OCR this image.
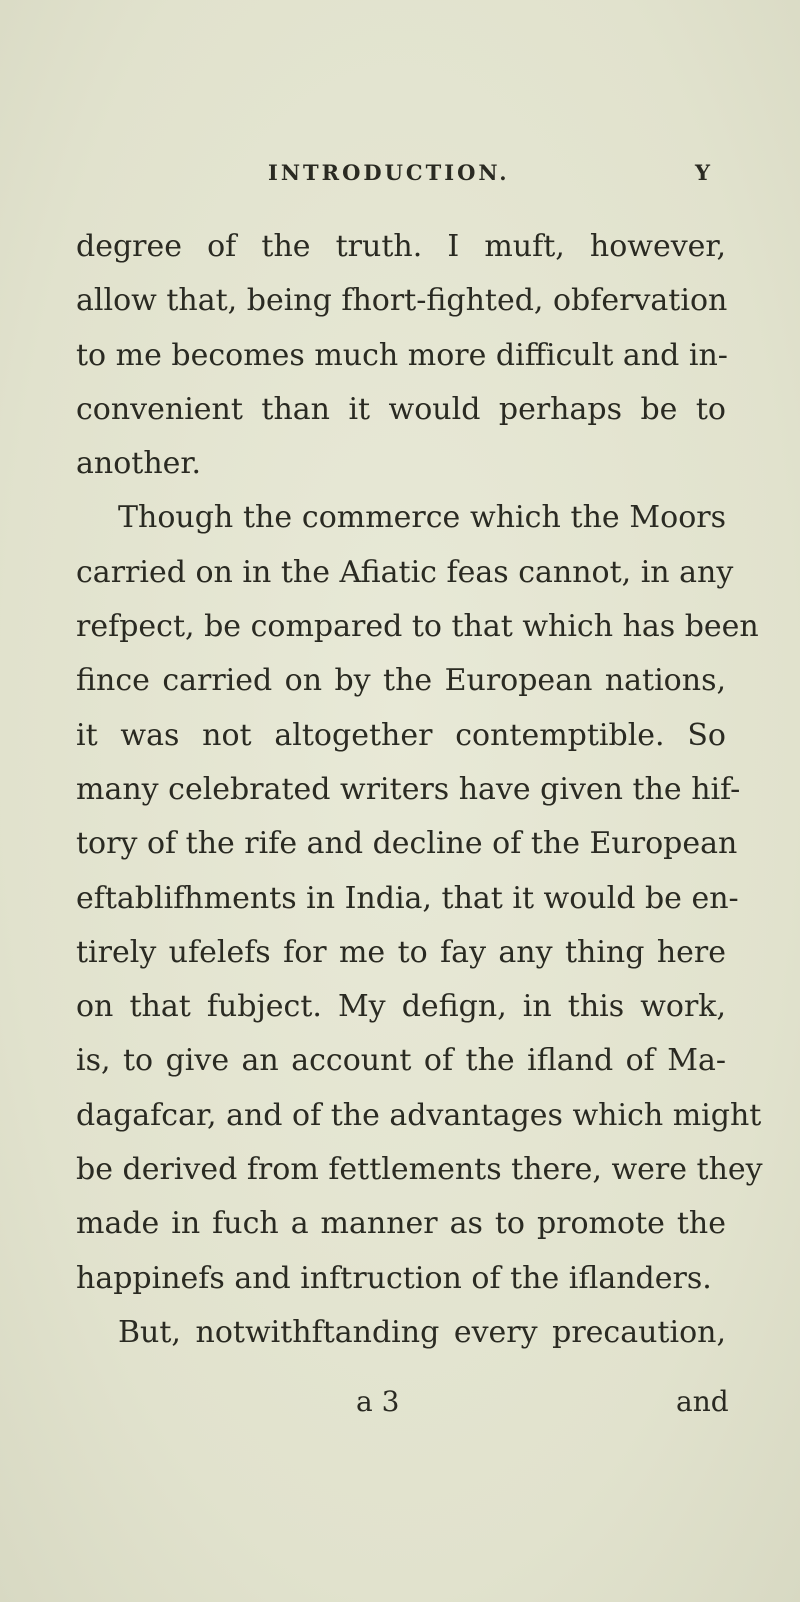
INTRODUCTION.	Y
degree of the truth. I muft, however,
allow that, being fhort-fighted, obfervation
to me becomes much more difficult and in-
convenient than it would perhaps be to
another.
Though the commerce which the Moors
carried on in the Afiatic feas cannot, in any
refpect, be compared to that which has been
fince carried on by the European nations,
it was not altogether contemptible. So
many celebrated writers have given the hif-
tory of the rife and decline of the European
eftablifhments in India, that it would be en-
tirely ufelefs for me to fay any thing here
on that fubject. My defign, in this work,
is, to give an account of the ifland of Ma-
dagafcar, and of the advantages which might
be derived from fettlements there, were they
made in fuch a manner as to promote the
happinefs and inftruction of the iflanders.
But, notwithftanding every precaution,
a 3	and
